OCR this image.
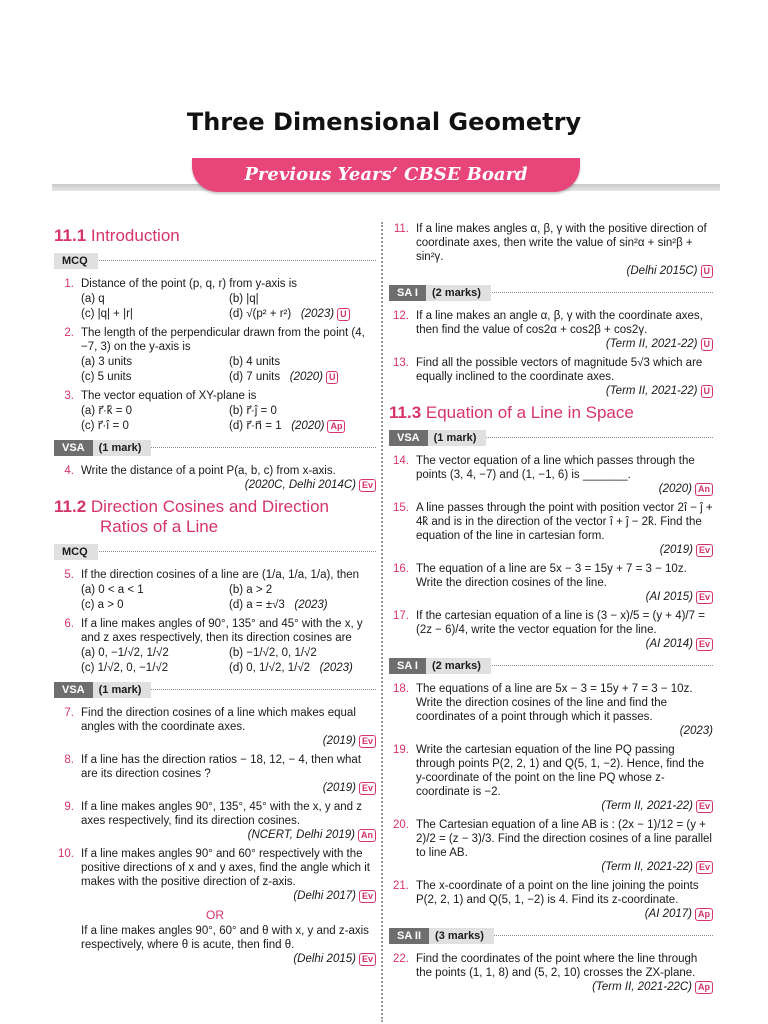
Three Dimensional Geometry
Previous Years’ CBSE Board Questions
11.1 Introduction
MCQ
1. Distance of the point (p, q, r) from y-axis is
(a) q	(b) |q|
(c) |q| + |r|	(d) √(p² + r²) (2023) U
2. The length of the perpendicular drawn from the point (4, −7, 3) on the y-axis is
(a) 3 units	(b) 4 units
(c) 5 units	(d) 7 units (2020) U
3. The vector equation of XY-plane is
(a) r⃗·k̂ = 0	(b) r⃗·ĵ = 0
(c) r⃗·î = 0	(d) r⃗·n⃗ = 1 (2020) Ap
VSA (1 mark)
4. Write the distance of a point P(a, b, c) from x-axis.
(2020C, Delhi 2014C) Ev
11.2 Direction Cosines and Direction
Ratios of a Line
MCQ
5. If the direction cosines of a line are (1/a, 1/a, 1/a), then
(a) 0 < a < 1	(b) a > 2
(c) a > 0	(d) a = ±√3 (2023)
6. If a line makes angles of 90°, 135° and 45° with the x, y and z axes respectively, then its direction cosines are
(a) 0, −1/√2, 1/√2	(b) −1/√2, 0, 1/√2
(c) 1/√2, 0, −1/√2	(d) 0, 1/√2, 1/√2 (2023)
VSA (1 mark)
7. Find the direction cosines of a line which makes equal angles with the coordinate axes.
(2019) Ev
8. If a line has the direction ratios − 18, 12, − 4, then what are its direction cosines ?
(2019) Ev
9. If a line makes angles 90°, 135°, 45° with the x, y and z axes respectively, find its direction cosines.
(NCERT, Delhi 2019) An
10. If a line makes angles 90° and 60° respectively with the positive directions of x and y axes, find the angle which it makes with the positive direction of z-axis.
(Delhi 2017) Ev
OR
If a line makes angles 90°, 60° and θ with x, y and z-axis respectively, where θ is acute, then find θ.
(Delhi 2015) Ev
11. If a line makes angles α, β, γ with the positive direction of coordinate axes, then write the value of sin²α + sin²β + sin²γ.
(Delhi 2015C) U
SA I (2 marks)
12. If a line makes an angle α, β, γ with the coordinate axes, then find the value of cos2α + cos2β + cos2γ.
(Term II, 2021-22) U
13. Find all the possible vectors of magnitude 5√3 which are equally inclined to the coordinate axes.
(Term II, 2021-22) U
11.3 Equation of a Line in Space
VSA (1 mark)
14. The vector equation of a line which passes through the points (3, 4, −7) and (1, −1, 6) is _______.
(2020) An
15. A line passes through the point with position vector 2î − ĵ + 4k̂ and is in the direction of the vector î + ĵ − 2k̂. Find the equation of the line in cartesian form.
(2019) Ev
16. The equation of a line are 5x − 3 = 15y + 7 = 3 − 10z. Write the direction cosines of the line.
(AI 2015) Ev
17. If the cartesian equation of a line is (3 − x)/5 = (y + 4)/7 = (2z − 6)/4, write the vector equation for the line.
(AI 2014) Ev
SA I (2 marks)
18. The equations of a line are 5x − 3 = 15y + 7 = 3 − 10z. Write the direction cosines of the line and find the coordinates of a point through which it passes.
(2023)
19. Write the cartesian equation of the line PQ passing through points P(2, 2, 1) and Q(5, 1, −2). Hence, find the y-coordinate of the point on the line PQ whose z-coordinate is −2.
(Term II, 2021-22) Ev
20. The Cartesian equation of a line AB is : (2x − 1)/12 = (y + 2)/2 = (z − 3)/3. Find the direction cosines of a line parallel to line AB.
(Term II, 2021-22) Ev
21. The x-coordinate of a point on the line joining the points P(2, 2, 1) and Q(5, 1, −2) is 4. Find its z-coordinate.
(AI 2017) Ap
SA II (3 marks)
22. Find the coordinates of the point where the line through the points (1, 1, 8) and (5, 2, 10) crosses the ZX-plane.
(Term II, 2021-22C) Ap
